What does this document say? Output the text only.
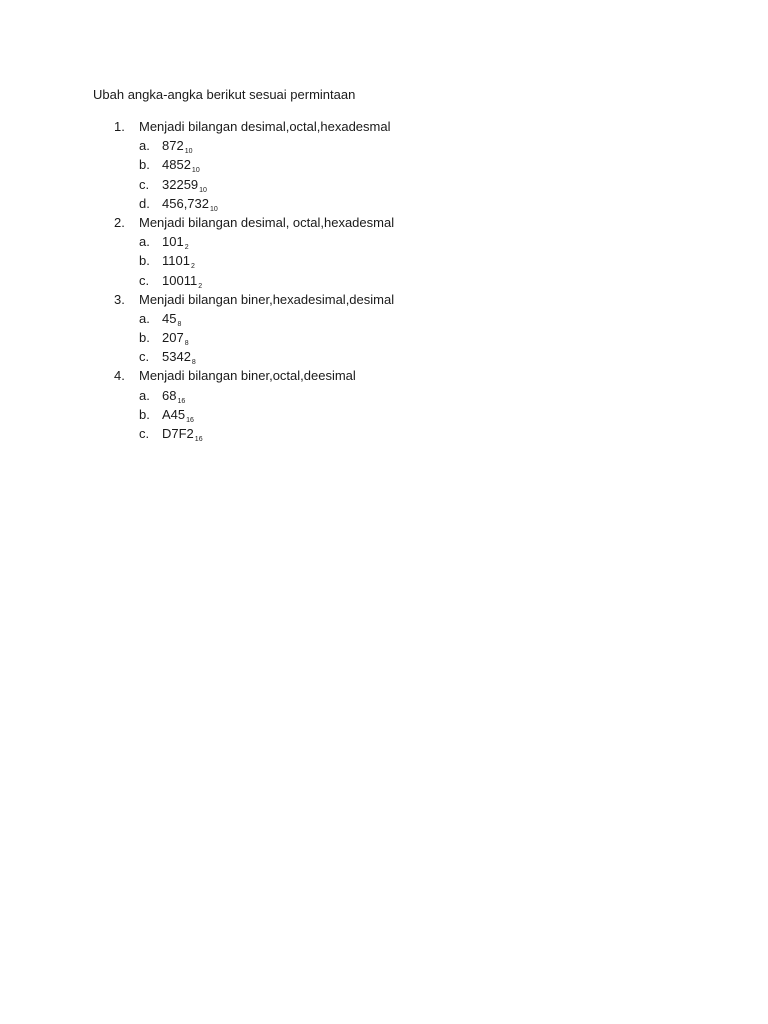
Ubah angka-angka berikut sesuai permintaan
1. Menjadi bilangan desimal,octal,hexadesmal
a. $872_{10}$
b. $4852_{10}$
c. $32259_{10}$
d. $456,732_{10}$
2. Menjadi bilangan desimal, octal,hexadesmal
a. $101_2$
b. $1101_2$
c. $10011_2$
3. Menjadi bilangan biner,hexadesimal,desimal
a. $45_8$
b. $207_8$
c. $5342_8$
4. Menjadi bilangan biner,octal,deesimal
a. $68_{16}$
b. $A45_{16}$
c. $D7F2_{16}$
